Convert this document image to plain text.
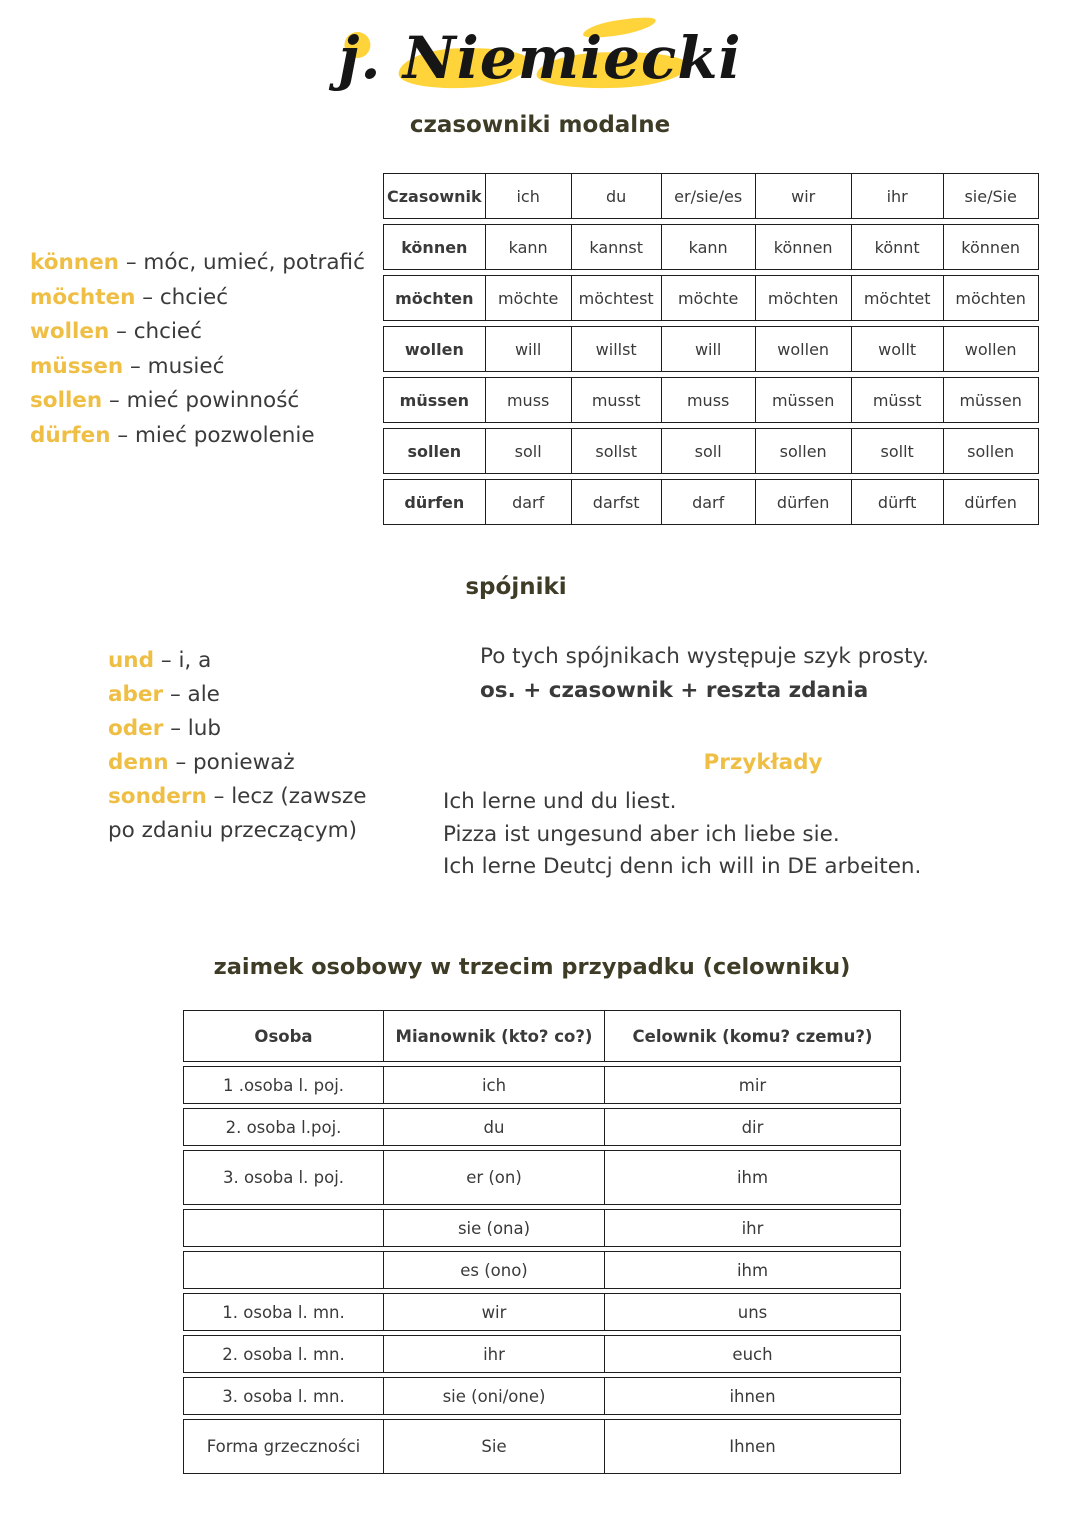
j. Niemiecki
czasowniki modalne
können – móc, umieć, potrafić
möchten – chcieć
wollen – chcieć
müssen – musieć
sollen – mieć powinność
dürfen – mieć pozwolenie
Czasownik	ich	du	er/sie/es	wir	ihr	sie/Sie
können	kann	kannst	kann	können	könnt	können
möchten	möchte	möchtest	möchte	möchten	möchtet	möchten
wollen	will	willst	will	wollen	wollt	wollen
müssen	muss	musst	muss	müssen	müsst	müssen
sollen	soll	sollst	soll	sollen	sollt	sollen
dürfen	darf	darfst	darf	dürfen	dürft	dürfen
spójniki
und – i, a
aber – ale
oder – lub
denn – ponieważ
sondern – lecz (zawsze po zdaniu przeczącym)
Po tych spójnikach występuje szyk prosty.
os. + czasownik + reszta zdania
Przykłady
Ich lerne und du liest.
Pizza ist ungesund aber ich liebe sie.
Ich lerne Deutcj denn ich will in DE arbeiten.
zaimek osobowy w trzecim przypadku (celowniku)
Osoba	Mianownik (kto? co?)	Celownik (komu? czemu?)
1 .osoba l. poj.	ich	mir
2. osoba l.poj.	du	dir
3. osoba l. poj.	er (on)	ihm
	sie (ona)	ihr
	es (ono)	ihm
1. osoba l. mn.	wir	uns
2. osoba l. mn.	ihr	euch
3. osoba l. mn.	sie (oni/one)	ihnen
Forma grzeczności	Sie	Ihnen
